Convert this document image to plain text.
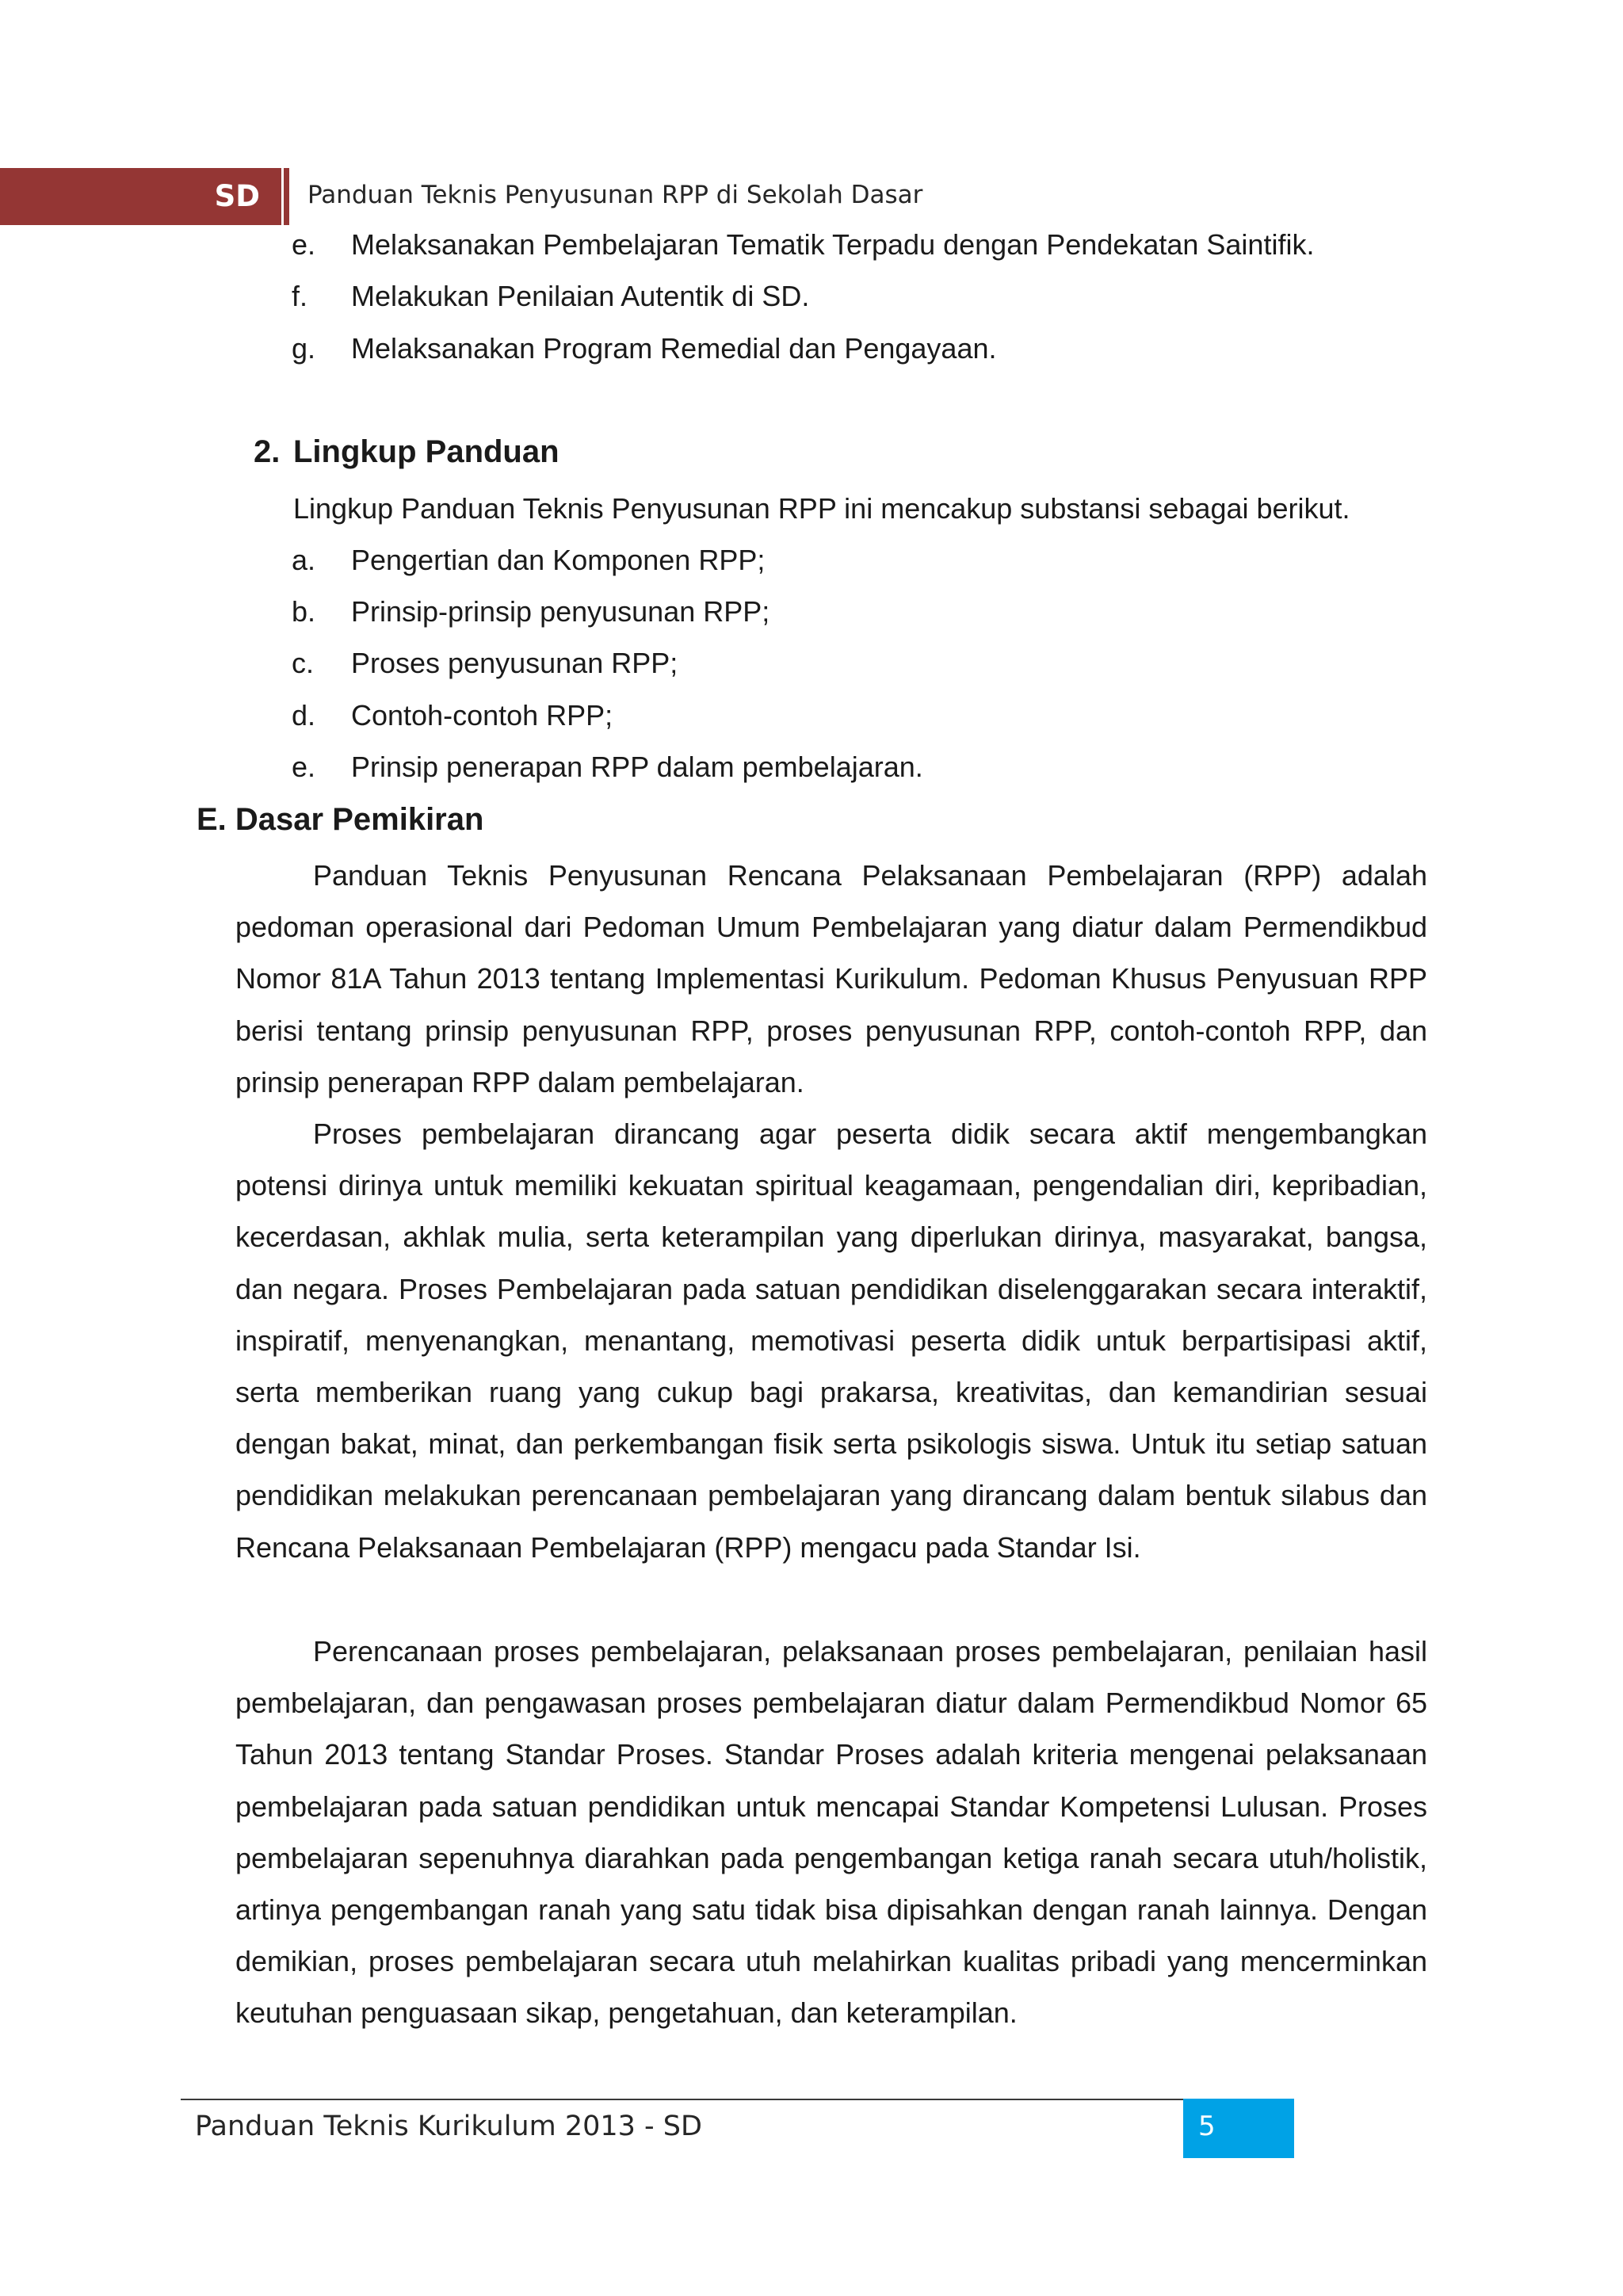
SD Panduan Teknis Penyusunan RPP di Sekolah Dasar
e. Melaksanakan Pembelajaran Tematik Terpadu dengan Pendekatan Saintifik.
f. Melakukan Penilaian Autentik di SD.
g. Melaksanakan Program Remedial dan Pengayaan.
2. Lingkup Panduan
Lingkup Panduan Teknis Penyusunan RPP ini mencakup substansi sebagai berikut.
a. Pengertian dan Komponen RPP;
b. Prinsip-prinsip penyusunan RPP;
c. Proses penyusunan RPP;
d. Contoh-contoh RPP;
e. Prinsip penerapan RPP dalam pembelajaran.
E. Dasar Pemikiran

Panduan Teknis Penyusunan Rencana Pelaksanaan Pembelajaran (RPP) adalah pedoman operasional dari Pedoman Umum Pembelajaran yang diatur dalam Permendikbud Nomor 81A Tahun 2013 tentang Implementasi Kurikulum. Pedoman Khusus Penyusuan RPP berisi tentang prinsip penyusunan RPP, proses penyusunan RPP, contoh-contoh RPP, dan prinsip penerapan RPP dalam pembelajaran.

Proses pembelajaran dirancang agar peserta didik secara aktif mengembangkan potensi dirinya untuk memiliki kekuatan spiritual keagamaan, pengendalian diri, kepribadian, kecerdasan, akhlak mulia, serta keterampilan yang diperlukan dirinya, masyarakat, bangsa, dan negara. Proses Pembelajaran pada satuan pendidikan diselenggarakan secara interaktif, inspiratif, menyenangkan, menantang, memotivasi peserta didik untuk berpartisipasi aktif, serta memberikan ruang yang cukup bagi prakarsa, kreativitas, dan kemandirian sesuai dengan bakat, minat, dan perkembangan fisik serta psikologis siswa. Untuk itu setiap satuan pendidikan melakukan perencanaan pembelajaran yang dirancang dalam bentuk silabus dan Rencana Pelaksanaan Pembelajaran (RPP) mengacu pada Standar Isi.

Perencanaan proses pembelajaran, pelaksanaan proses pembelajaran, penilaian hasil pembelajaran, dan pengawasan proses pembelajaran diatur dalam Permendikbud Nomor 65 Tahun 2013 tentang Standar Proses. Standar Proses adalah kriteria mengenai pelaksanaan pembelajaran pada satuan pendidikan untuk mencapai Standar Kompetensi Lulusan. Proses pembelajaran sepenuhnya diarahkan pada pengembangan ketiga ranah secara utuh/holistik, artinya pengembangan ranah yang satu tidak bisa dipisahkan dengan ranah lainnya. Dengan demikian, proses pembelajaran secara utuh melahirkan kualitas pribadi yang mencerminkan keutuhan penguasaan sikap, pengetahuan, dan keterampilan.

Panduan Teknis Kurikulum 2013 - SD	5
